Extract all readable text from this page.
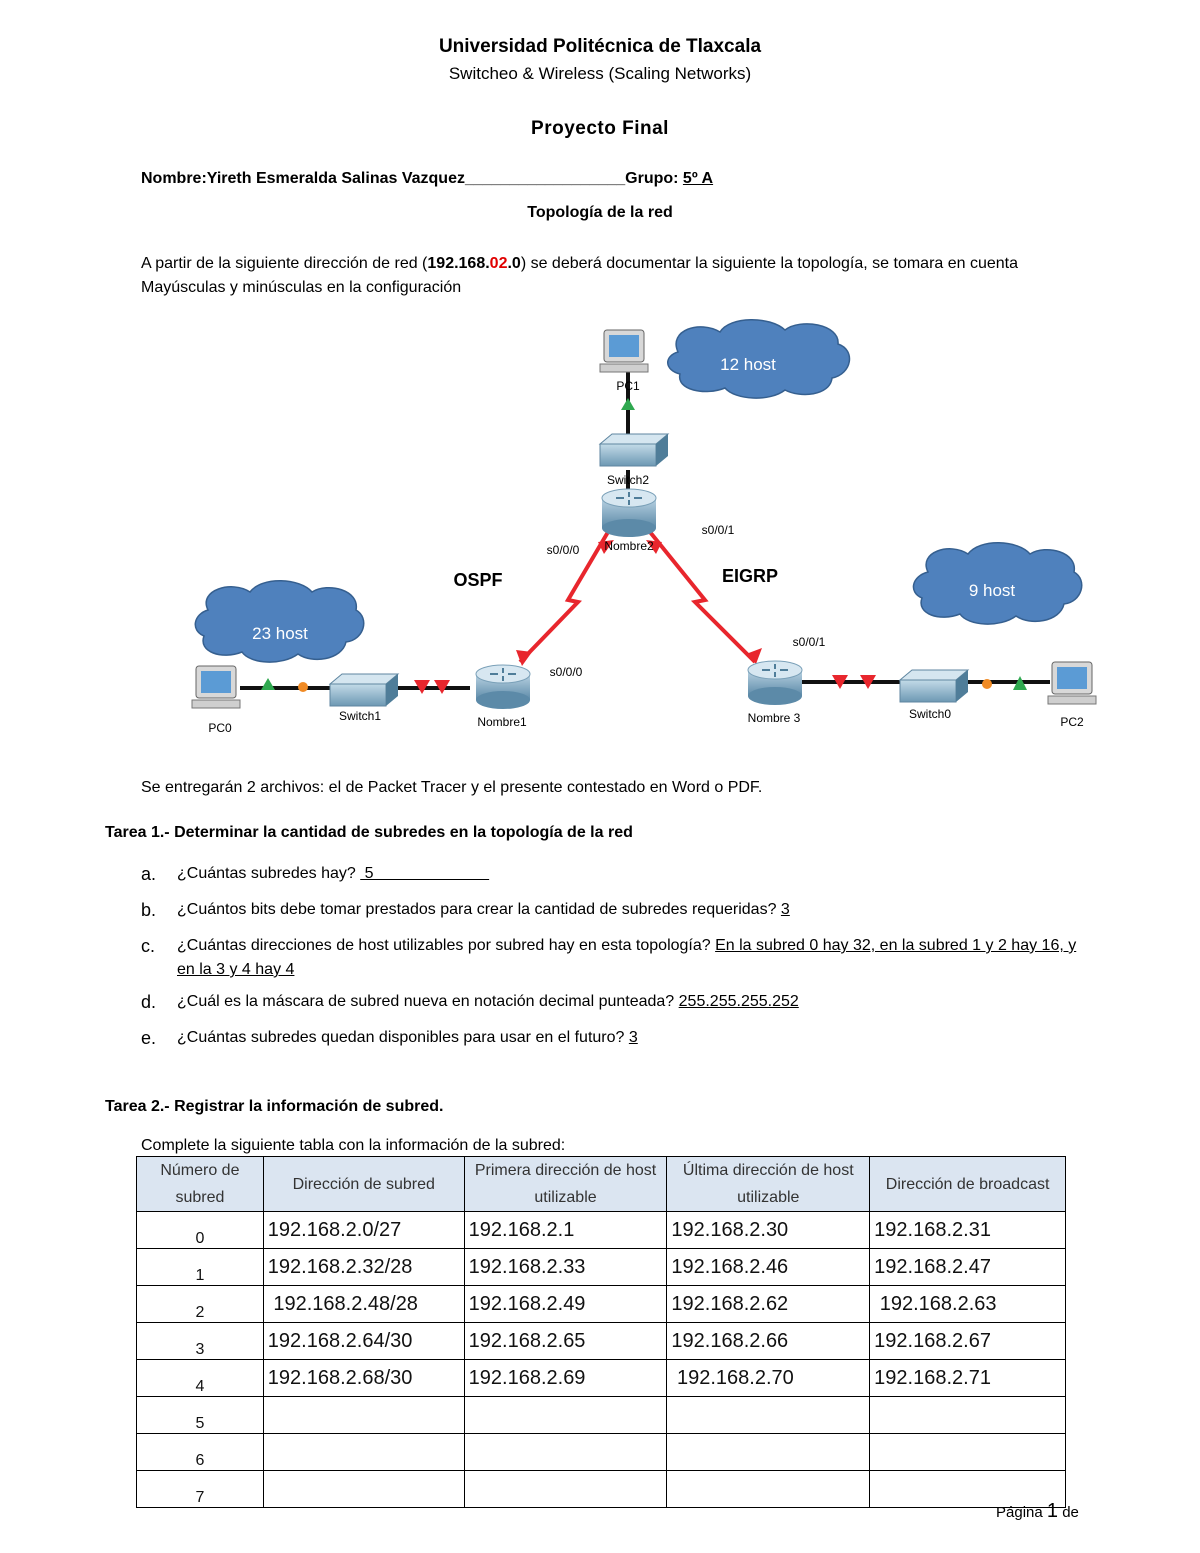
Universidad Politécnica de Tlaxcala
Switcheo & Wireless (Scaling Networks)
Proyecto Final
Nombre:Yireth Esmeralda Salinas Vazquez__________________Grupo: 5º A
Topología de la red
A partir de la siguiente dirección de red (192.168.02.0) se deberá documentar la siguiente la topología, se tomara en cuenta Mayúsculas y minúsculas en la configuración
12 host
23 host
9 host
PC1
Switch2
Nombre2
s0/0/0
s0/0/1
OSPF	EIGRP
PC0
Switch1	Nombre1
s0/0/0
Nombre 3
s0/0/1
Switch0
PC2
Se entregarán 2 archivos: el de Packet Tracer y el presente contestado en Word o PDF.
Tarea 1.- Determinar la cantidad de subredes en la topología de la red
a. ¿Cuántas subredes hay?  5
b. ¿Cuántos bits debe tomar prestados para crear la cantidad de subredes requeridas? 3
c. ¿Cuántas direcciones de host utilizables por subred hay en esta topología? En la subred 0 hay 32, en la subred 1 y 2 hay 16, y en la 3 y 4 hay 4
d. ¿Cuál es la máscara de subred nueva en notación decimal punteada? 255.255.255.252
e. ¿Cuántas subredes quedan disponibles para usar en el futuro? 3
Tarea 2.- Registrar la información de subred.
Complete la siguiente tabla con la información de la subred:
Número de subred	Dirección de subred	Primera dirección de host utilizable	Última dirección de host utilizable	Dirección de broadcast
0	192.168.2.0/27	192.168.2.1	192.168.2.30	192.168.2.31
1	192.168.2.32/28	192.168.2.33	192.168.2.46	192.168.2.47
2	192.168.2.48/28	192.168.2.49	192.168.2.62	192.168.2.63
3	192.168.2.64/30	192.168.2.65	192.168.2.66	192.168.2.67
4	192.168.2.68/30	192.168.2.69	192.168.2.70	192.168.2.71
5				
6				
7				
Página 1 de
